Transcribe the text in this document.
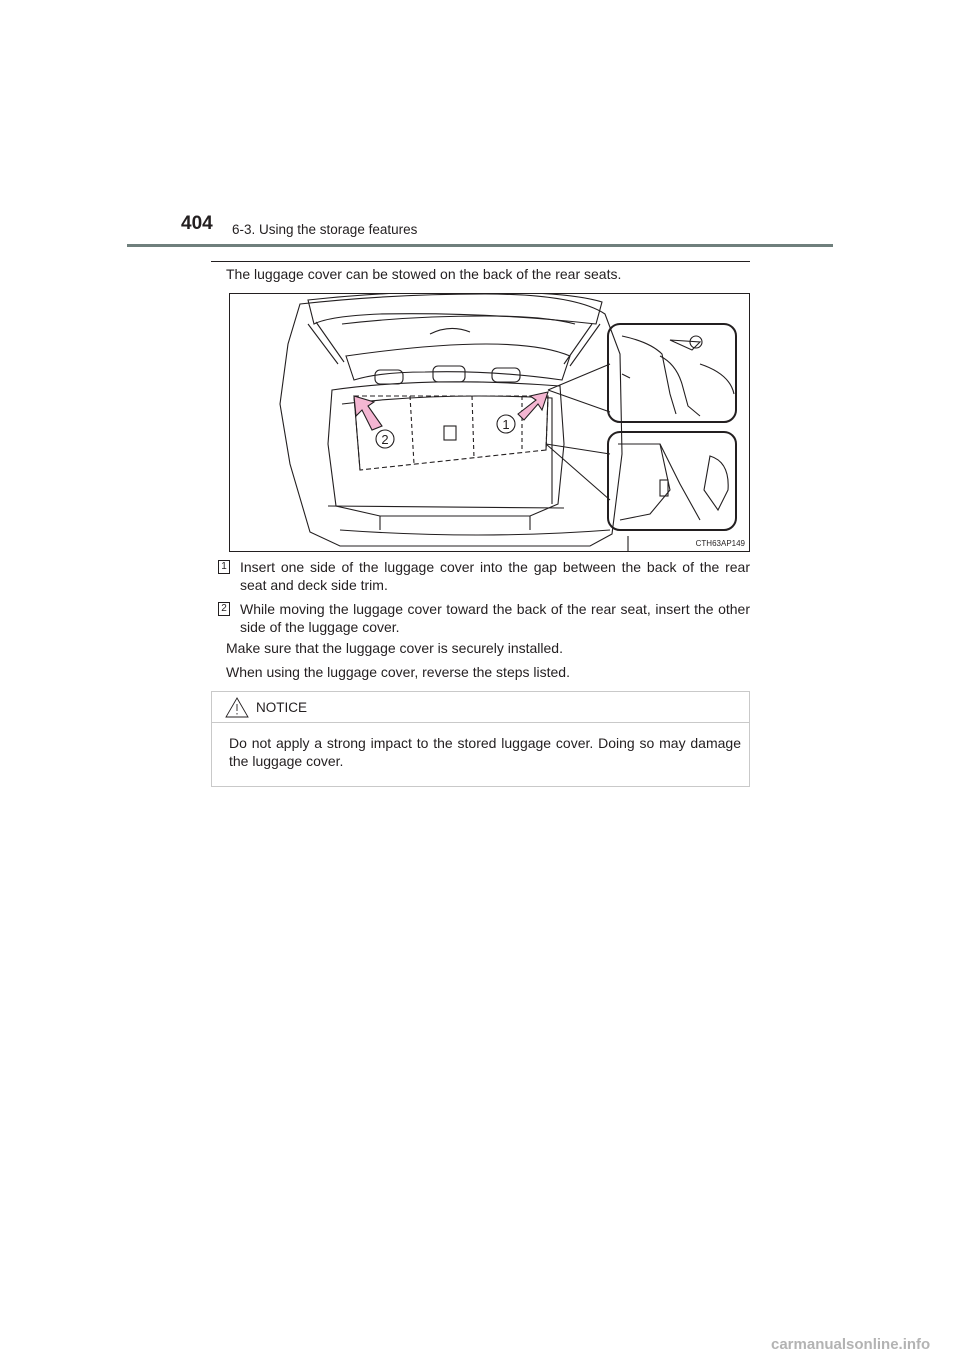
404 6-3. Using the storage features
The luggage cover can be stowed on the back of the rear seats.
2
1
CTH63AP149
1 Insert one side of the luggage cover into the gap between the back of the rear seat and deck side trim.
2 While moving the luggage cover toward the back of the rear seat, insert the other side of the luggage cover.
Make sure that the luggage cover is securely installed.
When using the luggage cover, reverse the steps listed.
NOTICE
Do not apply a strong impact to the stored luggage cover. Doing so may damage the luggage cover.
carmanualsonline.info
